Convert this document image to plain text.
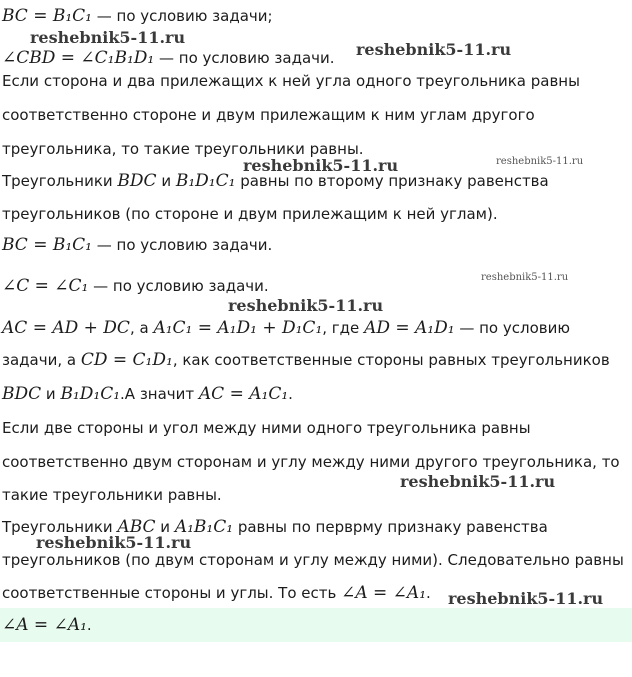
BC = B₁C₁ — по условию задачи;
∠CBD = ∠C₁B₁D₁ — по условию задачи.
Если сторона и два прилежащих к ней угла одного треугольника равны
соответственно стороне и двум прилежащим к ним углам другого
треугольника, то такие треугольники равны.
Треугольники BDC и B₁D₁C₁ равны по второму признаку равенства
треугольников (по стороне и двум прилежащим к ней углам).
BC = B₁C₁ — по условию задачи.
∠C = ∠C₁ — по условию задачи.
AC = AD + DC, а A₁C₁ = A₁D₁ + D₁C₁, где AD = A₁D₁ — по условию
задачи, а CD = C₁D₁, как соответственные стороны равных треугольников
BDC и B₁D₁C₁.А значит AC = A₁C₁.
Если две стороны и угол между ними одного треугольника равны
соответственно двум сторонам и углу между ними другого треугольника, то
такие треугольники равны.
Треугольники ABC и A₁B₁C₁ равны по перврму признаку равенства
треугольников (по двум сторонам и углу между ними). Следовательно равны
соответственные стороны и углы. То есть ∠A = ∠A₁.
∠A = ∠A₁.
reshebnik5-11.ru
reshebnik5-11.ru
reshebnik5-11.ru	reshebnik5-11.ru
reshebnik5-11.ru
reshebnik5-11.ru
reshebnik5-11.ru
reshebnik5-11.ru
reshebnik5-11.ru
